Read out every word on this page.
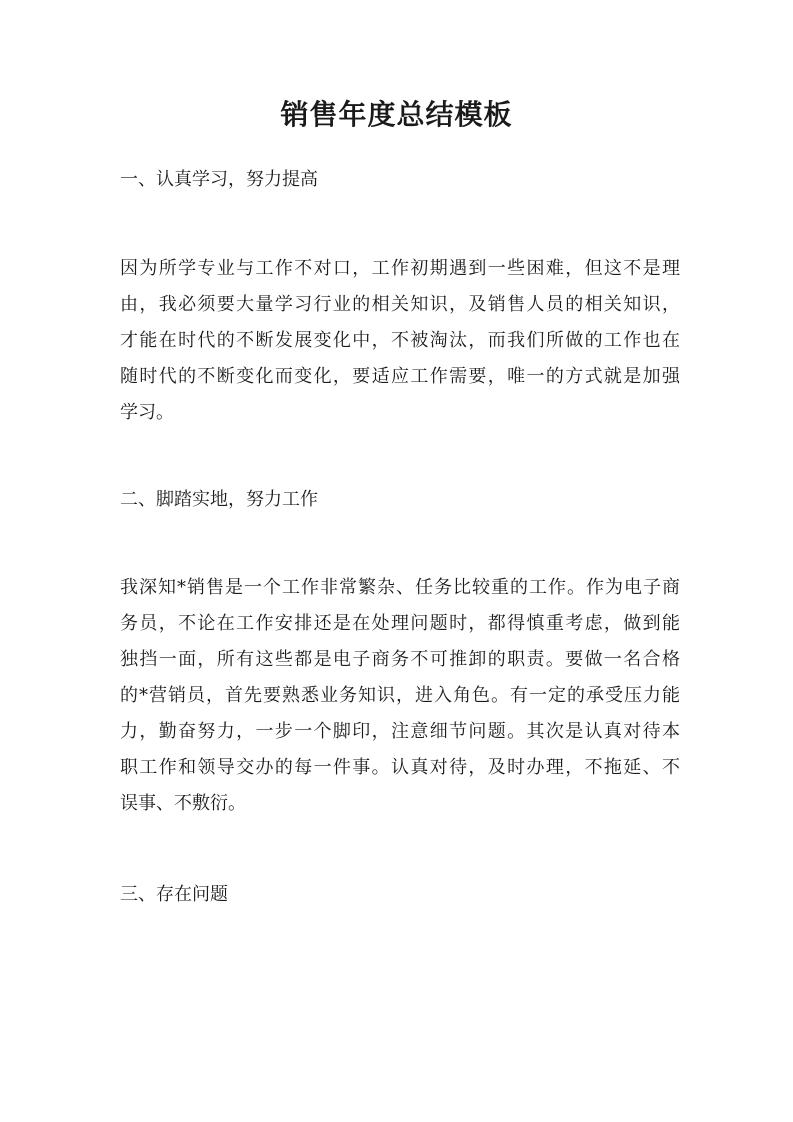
销售年度总结模板
一、认真学习，努力提高
因为所学专业与工作不对口，工作初期遇到一些困难，但这不是理
由，我必须要大量学习行业的相关知识，及销售人员的相关知识，
才能在时代的不断发展变化中，不被淘汰，而我们所做的工作也在
随时代的不断变化而变化，要适应工作需要，唯一的方式就是加强
学习。
二、脚踏实地，努力工作
我深知*销售是一个工作非常繁杂、任务比较重的工作。作为电子商
务员，不论在工作安排还是在处理问题时，都得慎重考虑，做到能
独挡一面，所有这些都是电子商务不可推卸的职责。要做一名合格
的*营销员，首先要熟悉业务知识，进入角色。有一定的承受压力能
力，勤奋努力，一步一个脚印，注意细节问题。其次是认真对待本
职工作和领导交办的每一件事。认真对待，及时办理，不拖延、不
误事、不敷衍。
三、存在问题
